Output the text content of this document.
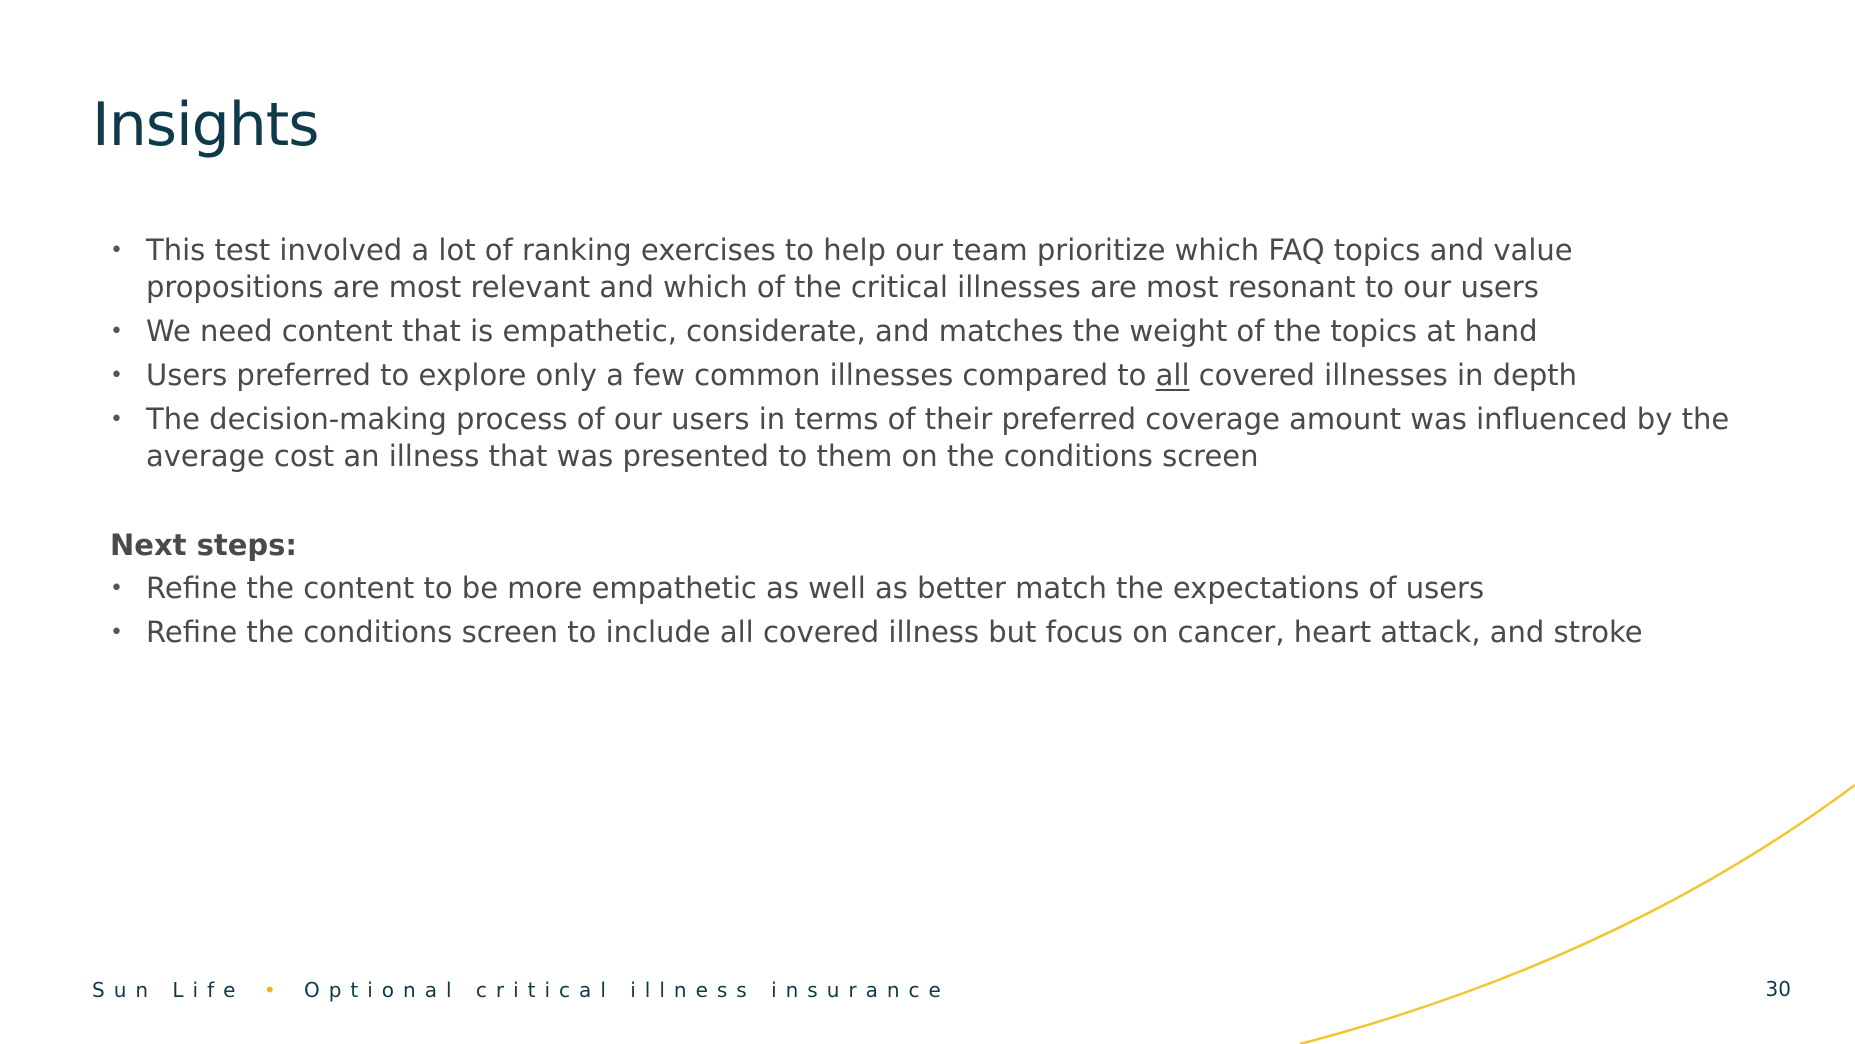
Insights
• This test involved a lot of ranking exercises to help our team prioritize which FAQ topics and value propositions are most relevant and which of the critical illnesses are most resonant to our users
• We need content that is empathetic, considerate, and matches the weight of the topics at hand
• Users preferred to explore only a few common illnesses compared to all covered illnesses in depth
• The decision-making process of our users in terms of their preferred coverage amount was influenced by the average cost an illness that was presented to them on the conditions screen
Next steps:
• Refine the content to be more empathetic as well as better match the expectations of users
• Refine the conditions screen to include all covered illness but focus on cancer, heart attack, and stroke
Sun Life • Optional critical illness insurance	30
